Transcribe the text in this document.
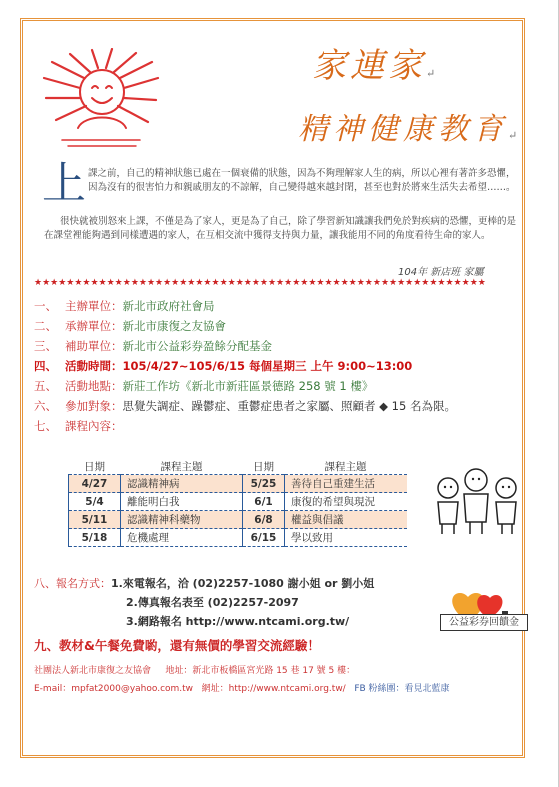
家連家↵
精神健康教育↵
上 課之前，自己的精神狀態已處在一個衰備的狀態，因為不夠理解家人生的病，所以心裡有著許多恐懼，因為沒有的很害怕力和親戚朋友的不諒解，自己變得越來越封閉，甚至也對於將來生活失去希望……。
很快就被別怒來上課，不僅是為了家人，更是為了自己，除了學習新知識讓我們免於對疾病的恐懼，更棒的是在課堂裡能夠遇到同樣遭遇的家人，在互相交流中獲得支持與力量，讓我能用不同的角度看待生命的家人。
104年 新店班 家屬
★★★★★★★★★★★★★★★★★★★★★★★★★★★★★★★★★★★★★★★★★★★★★★★★★★★★★★★★
一、 主辦單位：新北市政府社會局
二、 承辦單位：新北市康復之友協會
三、 補助單位：新北市公益彩券盈餘分配基金
四、 活動時間：105/4/27~105/6/15 每個星期三 上午 9:00~13:00
五、 活動地點：新莊工作坊《新北市新莊區景德路 258 號 1 樓》
六、 參加對象：思覺失調症、躁鬱症、重鬱症患者之家屬、照顧者 ◆ 15 名為限。
七、 課程內容：
日期	課程主題	日期	課程主題
4/27	認識精神病	5/25	善待自己重建生活
5/4	離能明白我	6/1	康復的希望與現況
5/11	認識精神科藥物	6/8	權益與倡議
5/18	危機處理	6/15	學以致用
八、報名方式：1.來電報名，洽 (02)2257-1080 謝小姐 or 劉小姐
2.傳真報名表至 (02)2257-2097
3.網路報名 http://www.ntcami.org.tw/	公益彩券回饋金
九、教材&午餐免費喲，還有無價的學習交流經驗！
社團法人新北市康復之友協會 地址：新北市板橋區宮光路 15 巷 17 號 5 樓：
E-mail：mpfat2000@yahoo.com.tw 網址：http://www.ntcami.org.tw/ FB 粉絲團：看見北藍康
